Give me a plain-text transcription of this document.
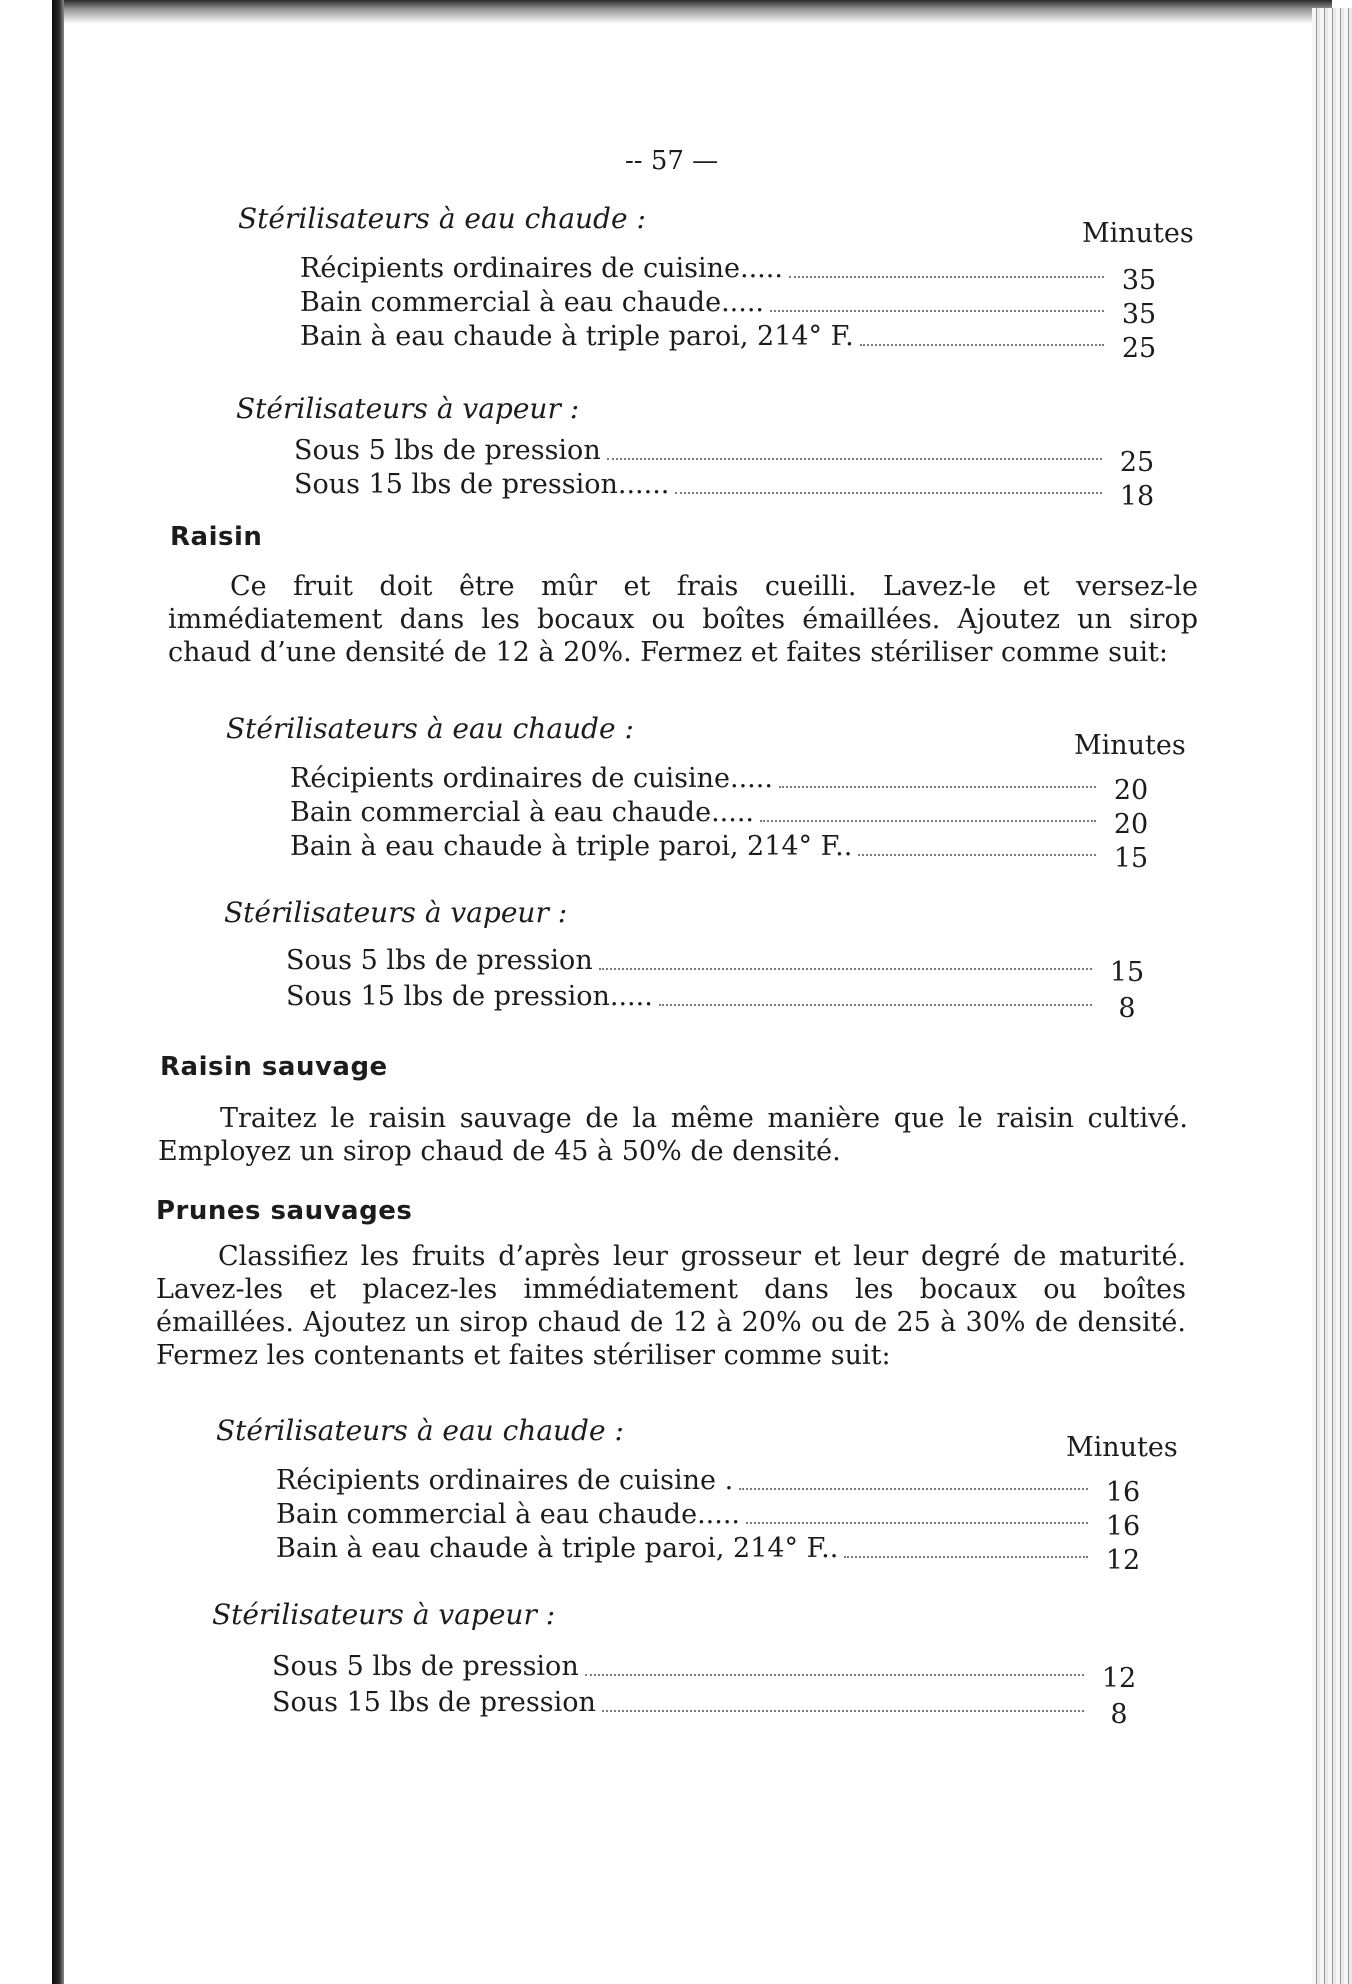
-- 57 —
Stérilisateurs à eau chaude :	Minutes
Récipients ordinaires de cuisine.....	35
Bain commercial à eau chaude.....	35
Bain à eau chaude à triple paroi, 214° F.	25
Stérilisateurs à vapeur :
Sous 5 lbs de pression	25
Sous 15 lbs de pression......	18
Raisin
Ce fruit doit être mûr et frais cueilli. Lavez-le et versez-le immédiatement dans les bocaux ou boîtes émaillées. Ajoutez un sirop chaud d’une densité de 12 à 20%. Fermez et faites stériliser comme suit:
Stérilisateurs à eau chaude :
Minutes
Récipients ordinaires de cuisine.....	20
Bain commercial à eau chaude.....	20
Bain à eau chaude à triple paroi, 214° F..	15
Stérilisateurs à vapeur :
Sous 5 lbs de pression	15
Sous 15 lbs de pression.....	8
Raisin sauvage
Traitez le raisin sauvage de la même manière que le raisin cultivé. Employez un sirop chaud de 45 à 50% de densité.
Prunes sauvages
Classifiez les fruits d’après leur grosseur et leur degré de maturité. Lavez-les et placez-les immédiatement dans les bocaux ou boîtes émaillées. Ajoutez un sirop chaud de 12 à 20% ou de 25 à 30% de densité. Fermez les contenants et faites stériliser comme suit:
Stérilisateurs à eau chaude :
Minutes
Récipients ordinaires de cuisine .	16
Bain commercial à eau chaude.....	16
Bain à eau chaude à triple paroi, 214° F..	12
Stérilisateurs à vapeur :
Sous 5 lbs de pression	12
Sous 15 lbs de pression	8
